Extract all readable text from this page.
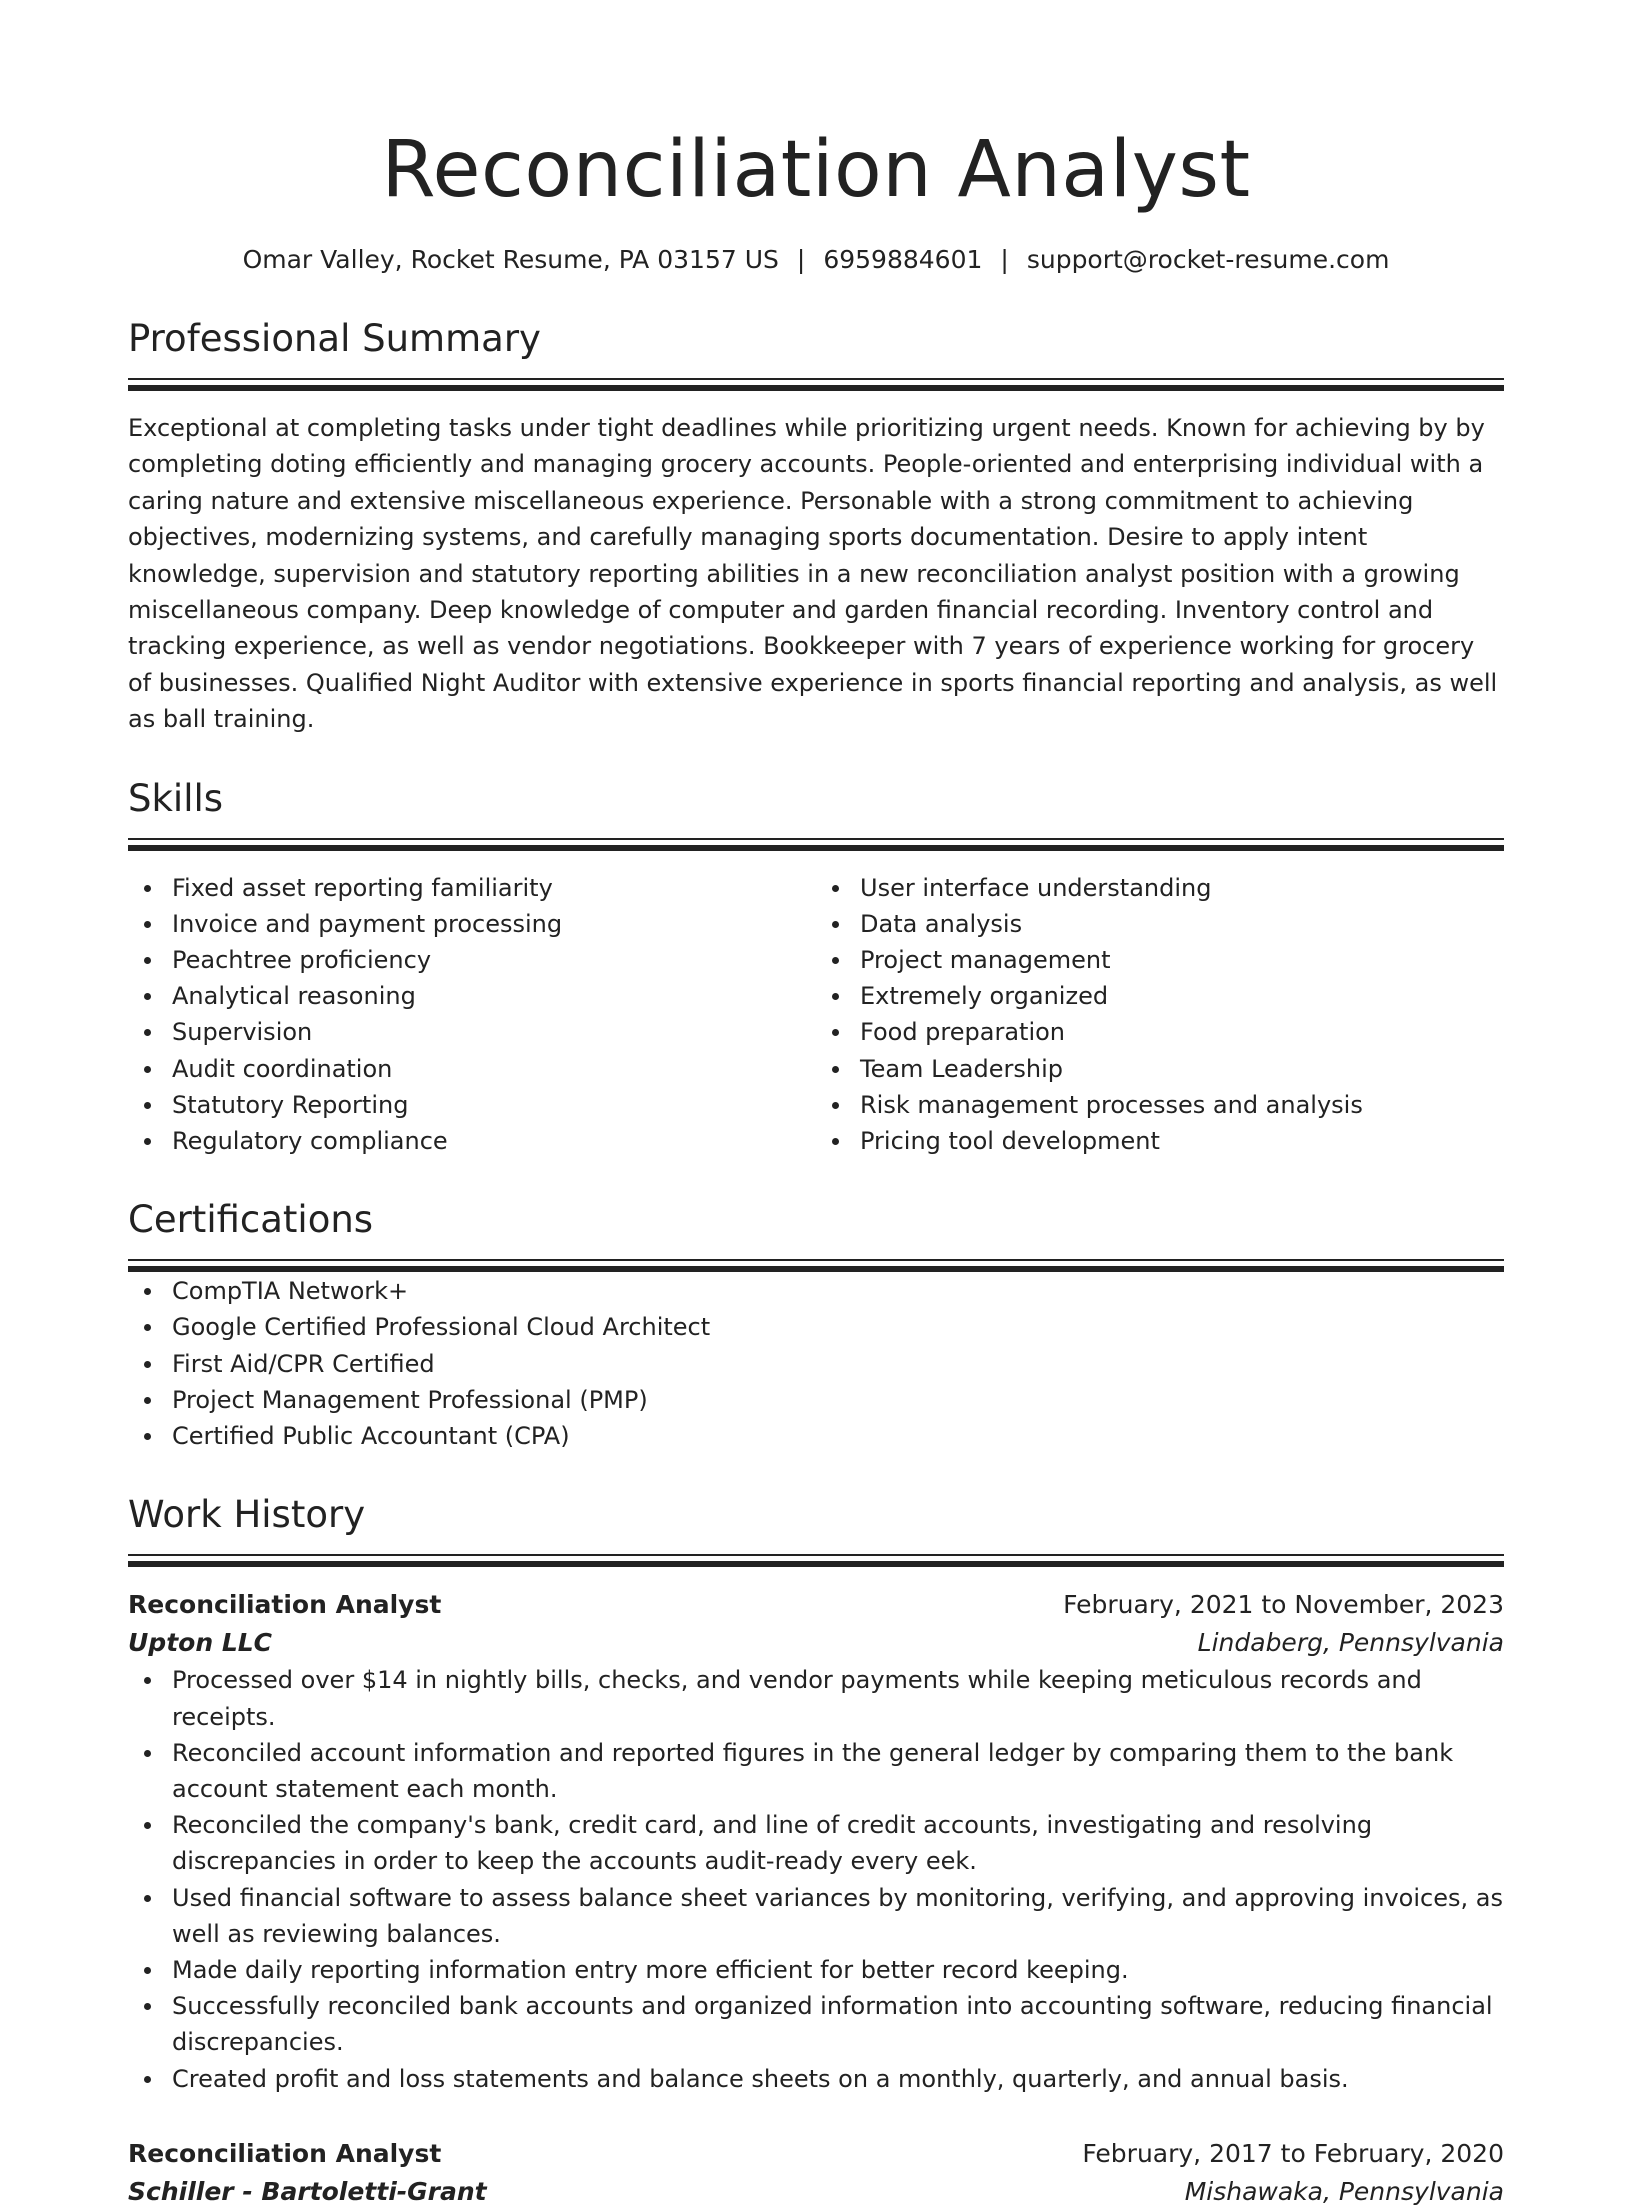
Reconciliation Analyst
Omar Valley, Rocket Resume, PA 03157 US | 6959884601 | support@rocket-resume.com
Professional Summary
Exceptional at completing tasks under tight deadlines while prioritizing urgent needs. Known for achieving by by completing doting efficiently and managing grocery accounts. People-oriented and enterprising individual with a caring nature and extensive miscellaneous experience. Personable with a strong commitment to achieving objectives, modernizing systems, and carefully managing sports documentation. Desire to apply intent knowledge, supervision and statutory reporting abilities in a new reconciliation analyst position with a growing miscellaneous company. Deep knowledge of computer and garden financial recording. Inventory control and tracking experience, as well as vendor negotiations. Bookkeeper with 7 years of experience working for grocery of businesses. Qualified Night Auditor with extensive experience in sports financial reporting and analysis, as well as ball training.
Skills
Fixed asset reporting familiarity
Invoice and payment processing
Peachtree proficiency
Analytical reasoning
Supervision
Audit coordination
Statutory Reporting
Regulatory compliance
User interface understanding
Data analysis
Project management
Extremely organized
Food preparation
Team Leadership
Risk management processes and analysis
Pricing tool development
Certifications
CompTIA Network+
Google Certified Professional Cloud Architect
First Aid/CPR Certified
Project Management Professional (PMP)
Certified Public Accountant (CPA)
Work History
Reconciliation Analyst	February, 2021 to November, 2023
Upton LLC	Lindaberg, Pennsylvania
Processed over $14 in nightly bills, checks, and vendor payments while keeping meticulous records and receipts.
Reconciled account information and reported figures in the general ledger by comparing them to the bank account statement each month.
Reconciled the company's bank, credit card, and line of credit accounts, investigating and resolving discrepancies in order to keep the accounts audit-ready every eek.
Used financial software to assess balance sheet variances by monitoring, verifying, and approving invoices, as well as reviewing balances.
Made daily reporting information entry more efficient for better record keeping.
Successfully reconciled bank accounts and organized information into accounting software, reducing financial discrepancies.
Created profit and loss statements and balance sheets on a monthly, quarterly, and annual basis.
Reconciliation Analyst	February, 2017 to February, 2020
Schiller - Bartoletti-Grant	Mishawaka, Pennsylvania
